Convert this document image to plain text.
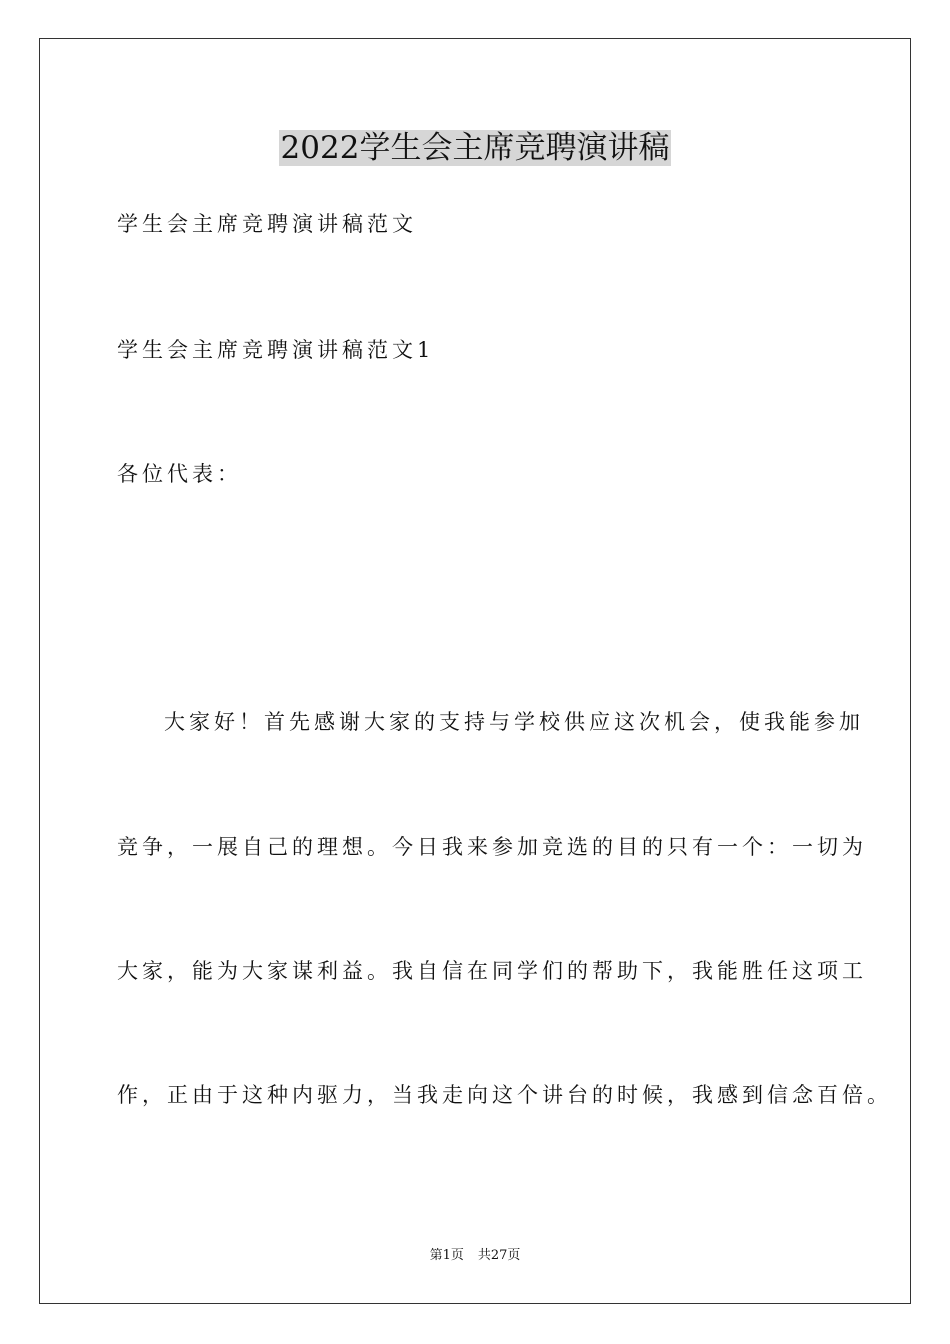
2022学生会主席竞聘演讲稿
学生会主席竞聘演讲稿范文
学生会主席竞聘演讲稿范文1
各位代表：
大家好！首先感谢大家的支持与学校供应这次机会，使我能参加
竞争，一展自己的理想。今日我来参加竞选的目的只有一个：一切为
大家，能为大家谋利益。我自信在同学们的帮助下，我能胜任这项工
作，正由于这种内驱力，当我走向这个讲台的时候，我感到信念百倍。
第1页 共27页
